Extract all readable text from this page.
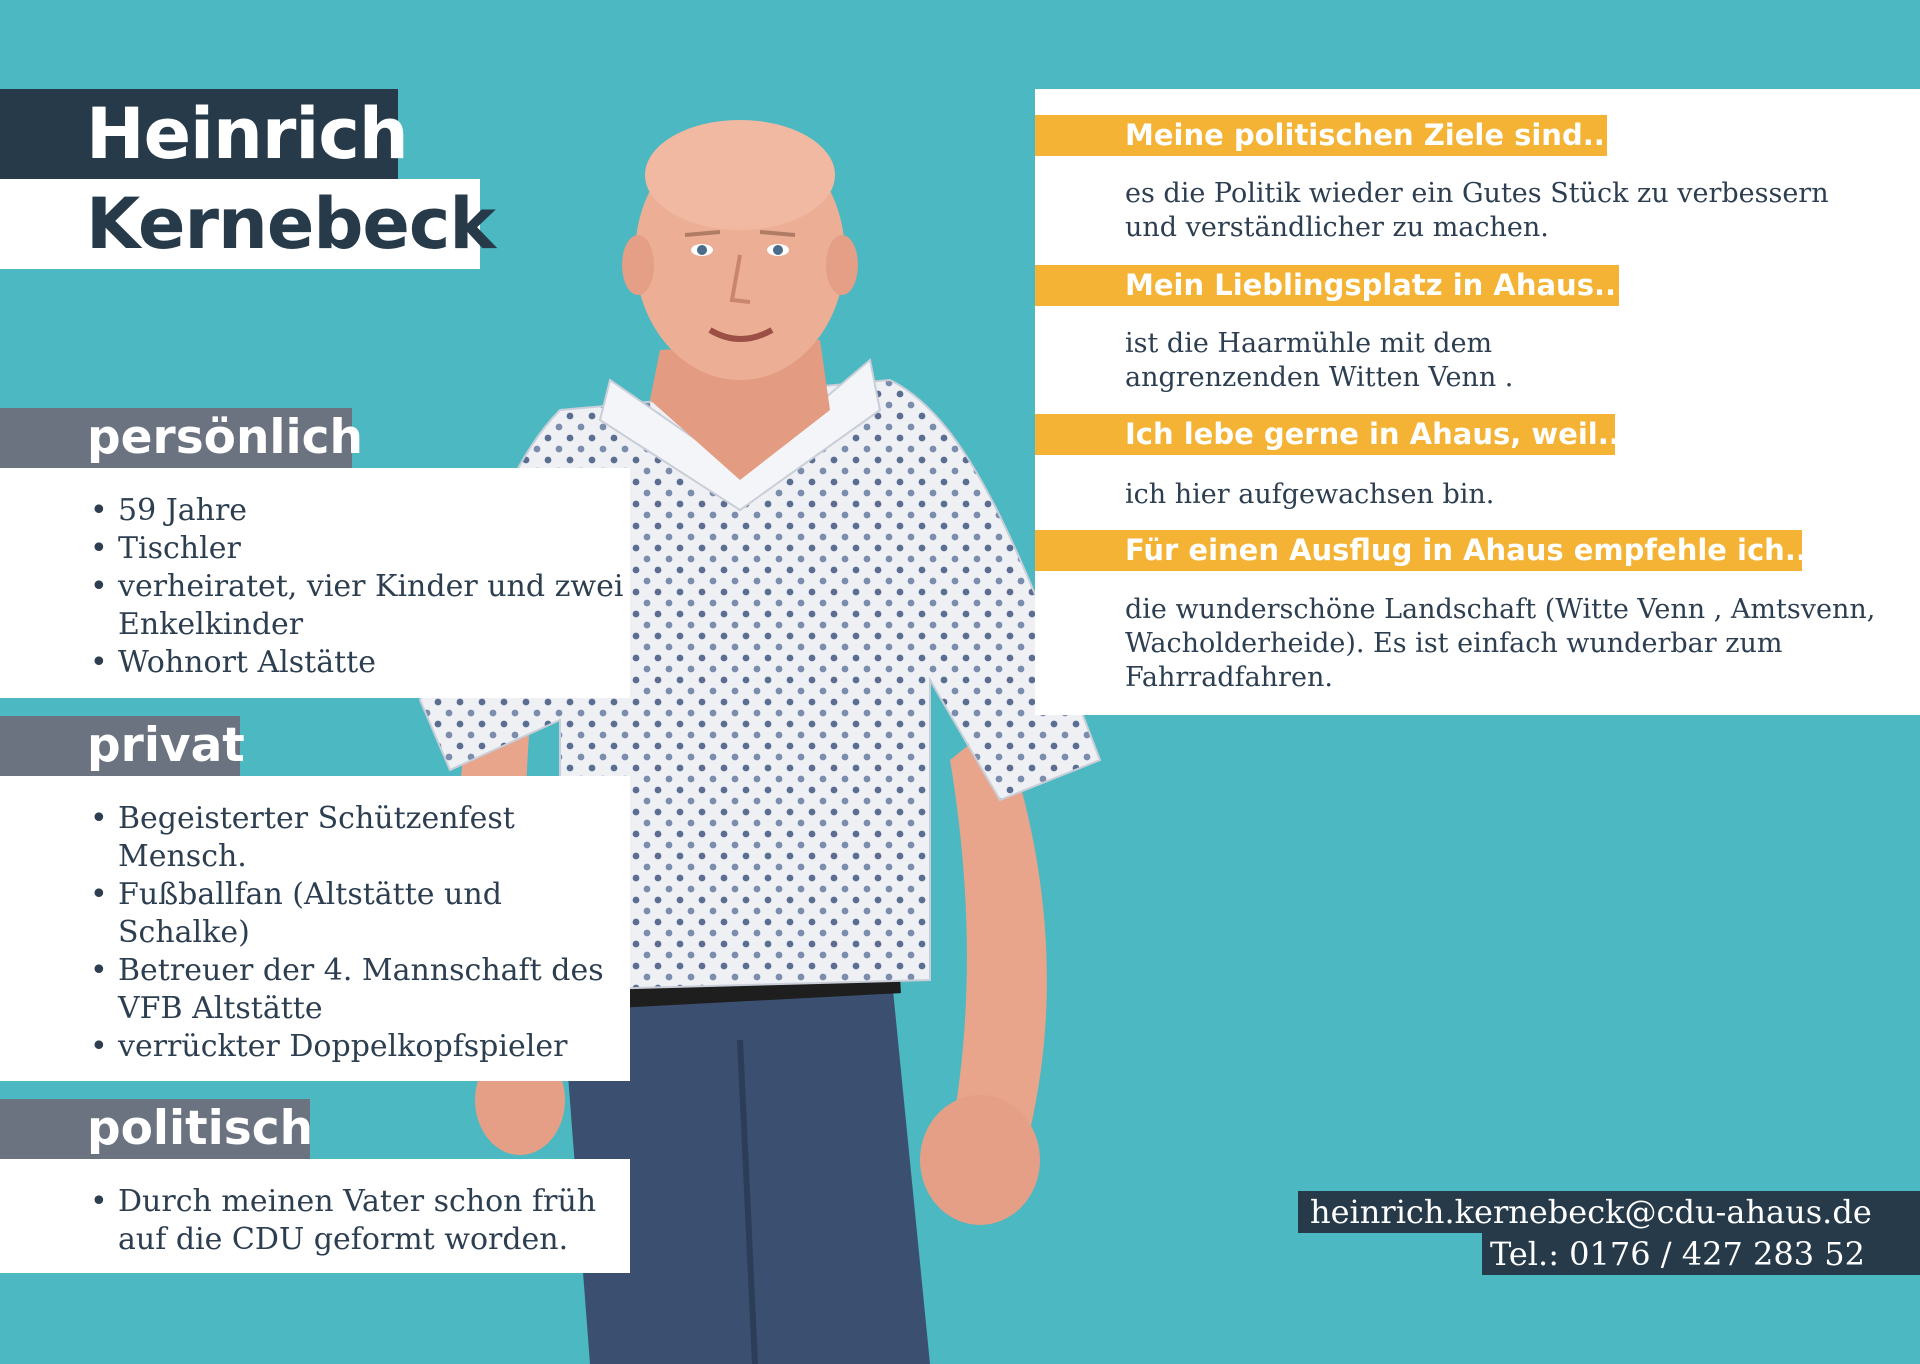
Heinrich
Kernebeck
persönlich
• 59 Jahre
• Tischler
• verheiratet, vier Kinder und zwei Enkelkinder
• Wohnort Alstätte
privat
• Begeisterter Schützenfest Mensch.
• Fußballfan (Altstätte und Schalke)
• Betreuer der 4. Mannschaft des VFB Altstätte
• verrückter Doppelkopfspieler
politisch
• Durch meinen Vater schon früh auf die CDU geformt worden.
Meine politischen Ziele sind...
es die Politik wieder ein Gutes Stück zu verbessern und verständlicher zu machen.
Mein Lieblingsplatz in Ahaus...
ist die Haarmühle mit dem angrenzenden Witten Venn .
Ich lebe gerne in Ahaus, weil...
ich hier aufgewachsen bin.
Für einen Ausflug in Ahaus empfehle ich...
die wunderschöne Landschaft (Witte Venn , Amtsvenn, Wacholderheide). Es ist einfach wunderbar zum Fahrradfahren.
heinrich.kernebeck@cdu-ahaus.de
Tel.: 0176 / 427 283 52
